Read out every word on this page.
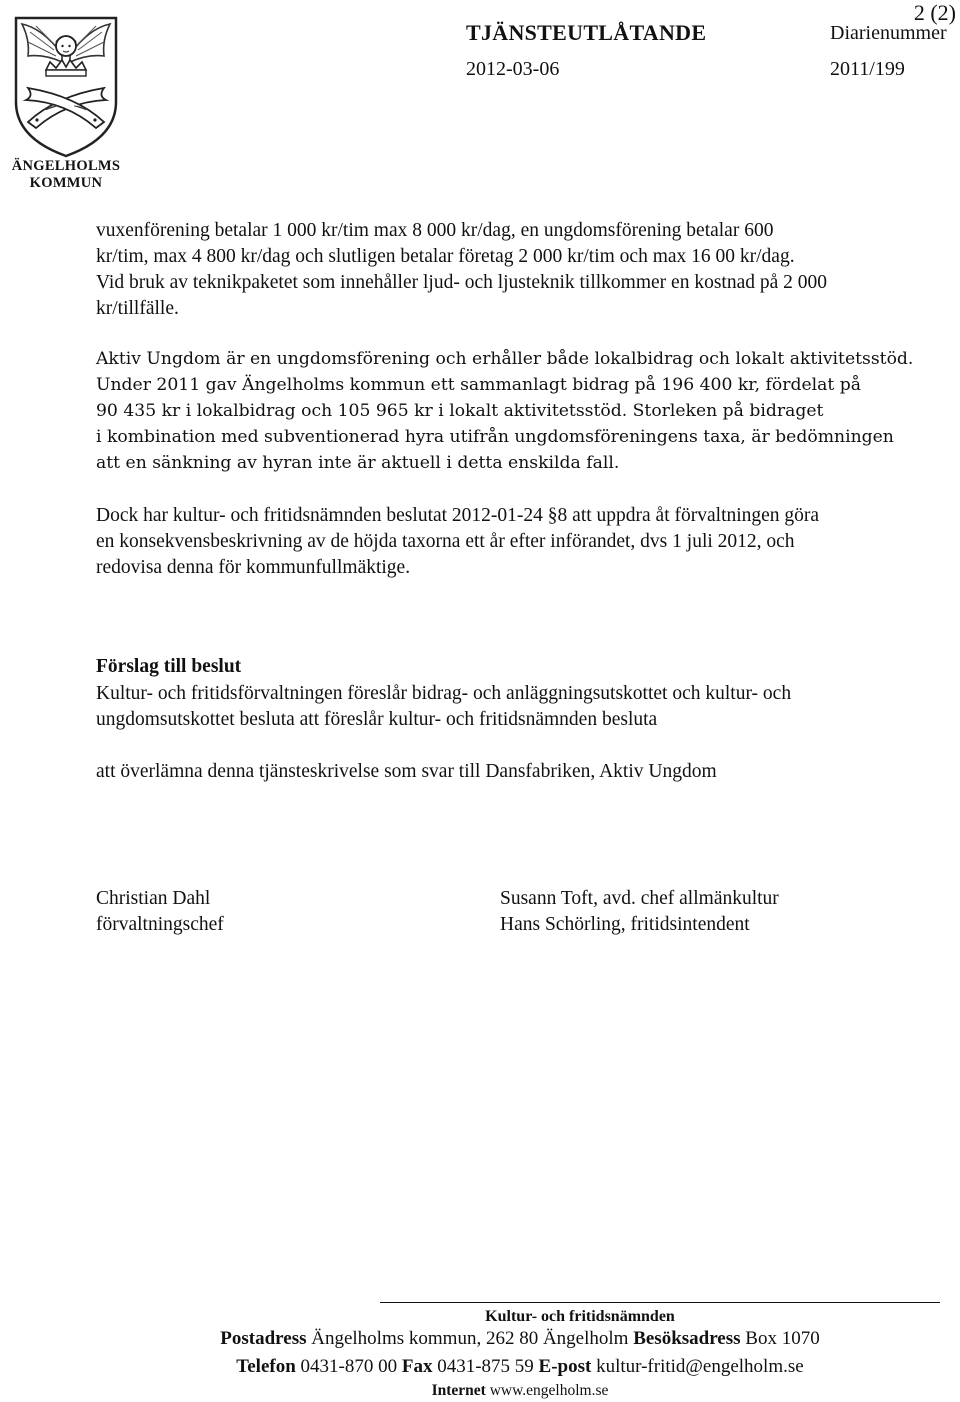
ÄNGELHOLMS
KOMMUN
2 (2)
TJÄNSTEUTLÅTANDE	Diarienummer
2012-03-06	2011/199
vuxenförening betalar 1 000 kr/tim max 8 000 kr/dag, en ungdomsförening betalar 600
kr/tim, max 4 800 kr/dag och slutligen betalar företag 2 000 kr/tim och max 16 00 kr/dag.
Vid bruk av teknikpaketet som innehåller ljud- och ljusteknik tillkommer en kostnad på 2 000
kr/tillfälle.
Aktiv Ungdom är en ungdomsförening och erhåller både lokalbidrag och lokalt aktivitetsstöd.
Under 2011 gav Ängelholms kommun ett sammanlagt bidrag på 196 400 kr, fördelat på
90 435 kr i lokalbidrag och 105 965 kr i lokalt aktivitetsstöd. Storleken på bidraget
i kombination med subventionerad hyra utifrån ungdomsföreningens taxa, är bedömningen
att en sänkning av hyran inte är aktuell i detta enskilda fall.
Dock har kultur- och fritidsnämnden beslutat 2012-01-24 §8 att uppdra åt förvaltningen göra
en konsekvensbeskrivning av de höjda taxorna ett år efter införandet, dvs 1 juli 2012, och
redovisa denna för kommunfullmäktige.
Förslag till beslut
Kultur- och fritidsförvaltningen föreslår bidrag- och anläggningsutskottet och kultur- och
ungdomsutskottet besluta att föreslår kultur- och fritidsnämnden besluta
att överlämna denna tjänsteskrivelse som svar till Dansfabriken, Aktiv Ungdom
Christian Dahl
förvaltningschef
Susann Toft, avd. chef allmänkultur
Hans Schörling, fritidsintendent
Kultur- och fritidsnämnden
Postadress Ängelholms kommun, 262 80 Ängelholm Besöksadress Box 1070
Telefon 0431-870 00 Fax 0431-875 59 E-post kultur-fritid@engelholm.se
Internet www.engelholm.se
